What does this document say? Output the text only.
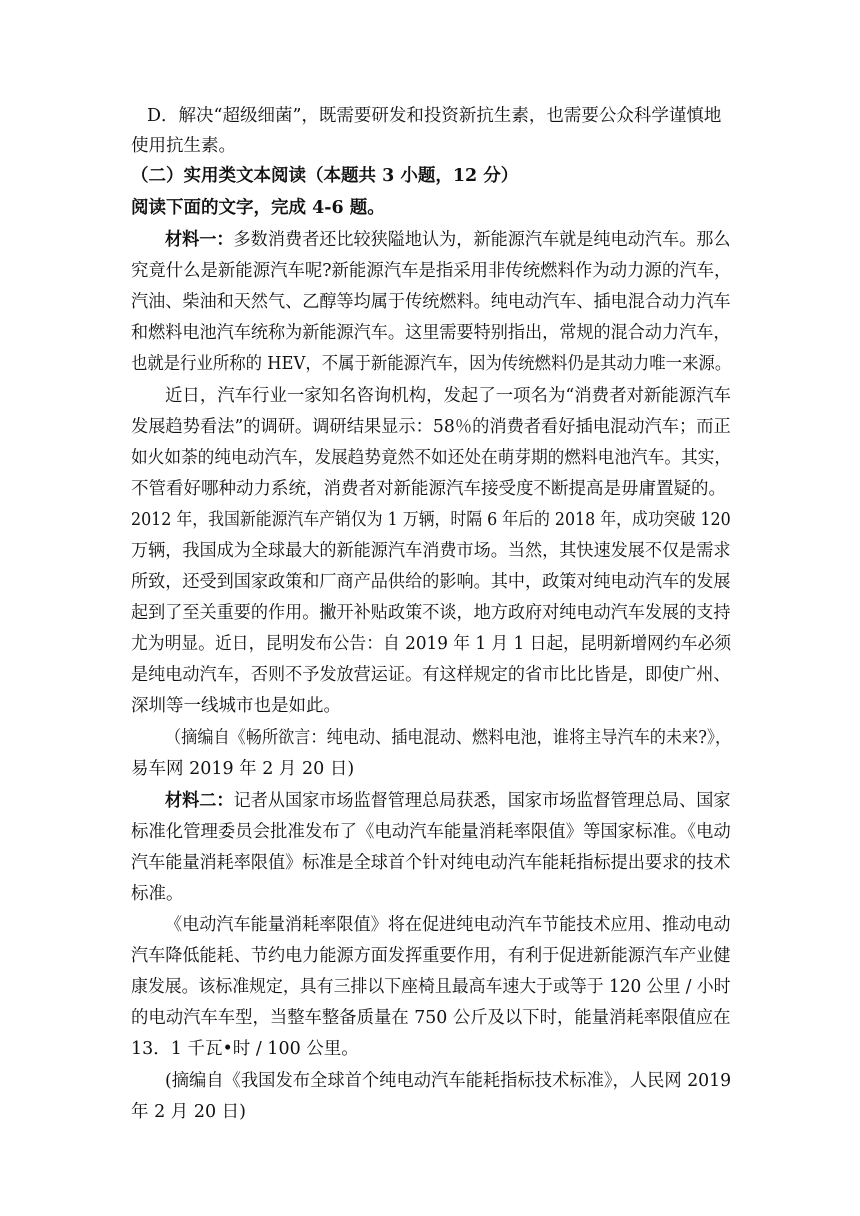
D．解决“超级细菌”，既需要研发和投资新抗生素，也需要公众科学谨慎地
使用抗生素。
（二）实用类文本阅读（本题共 3 小题，12 分）
阅读下面的文字，完成 4-6 题。
材料一：多数消费者还比较狭隘地认为，新能源汽车就是纯电动汽车。那么
究竟什么是新能源汽车呢?新能源汽车是指采用非传统燃料作为动力源的汽车，
汽油、柴油和天然气、乙醇等均属于传统燃料。纯电动汽车、插电混合动力汽车
和燃料电池汽车统称为新能源汽车。这里需要特别指出，常规的混合动力汽车，
也就是行业所称的 HEV，不属于新能源汽车，因为传统燃料仍是其动力唯一来源。
近日，汽车行业一家知名咨询机构，发起了一项名为“消费者对新能源汽车
发展趋势看法”的调研。调研结果显示：58％的消费者看好插电混动汽车；而正
如火如荼的纯电动汽车，发展趋势竟然不如还处在萌芽期的燃料电池汽车。其实，
不管看好哪种动力系统，消费者对新能源汽车接受度不断提高是毋庸置疑的。
2012 年，我国新能源汽车产销仅为 1 万辆，时隔 6 年后的 2018 年，成功突破 120
万辆，我国成为全球最大的新能源汽车消费市场。当然，其快速发展不仅是需求
所致，还受到国家政策和厂商产品供给的影响。其中，政策对纯电动汽车的发展
起到了至关重要的作用。撇开补贴政策不谈，地方政府对纯电动汽车发展的支持
尤为明显。近日，昆明发布公告：自 2019 年 1 月 1 日起，昆明新增网约车必须
是纯电动汽车，否则不予发放营运证。有这样规定的省市比比皆是，即使广州、
深圳等一线城市也是如此。
（摘编自《畅所欲言：纯电动、插电混动、燃料电池，谁将主导汽车的未来?》，
易车网 2019 年 2 月 20 日)
材料二：记者从国家市场监督管理总局获悉，国家市场监督管理总局、国家
标准化管理委员会批准发布了《电动汽车能量消耗率限值》等国家标准。《电动
汽车能量消耗率限值》标准是全球首个针对纯电动汽车能耗指标提出要求的技术
标准。
《电动汽车能量消耗率限值》将在促进纯电动汽车节能技术应用、推动电动
汽车降低能耗、节约电力能源方面发挥重要作用，有利于促进新能源汽车产业健
康发展。该标准规定，具有三排以下座椅且最高车速大于或等于 120 公里 / 小时
的电动汽车车型，当整车整备质量在 750 公斤及以下时，能量消耗率限值应在
13．1 千瓦•时 / 100 公里。
(摘编自《我国发布全球首个纯电动汽车能耗指标技术标准》，人民网 2019
年 2 月 20 日)
